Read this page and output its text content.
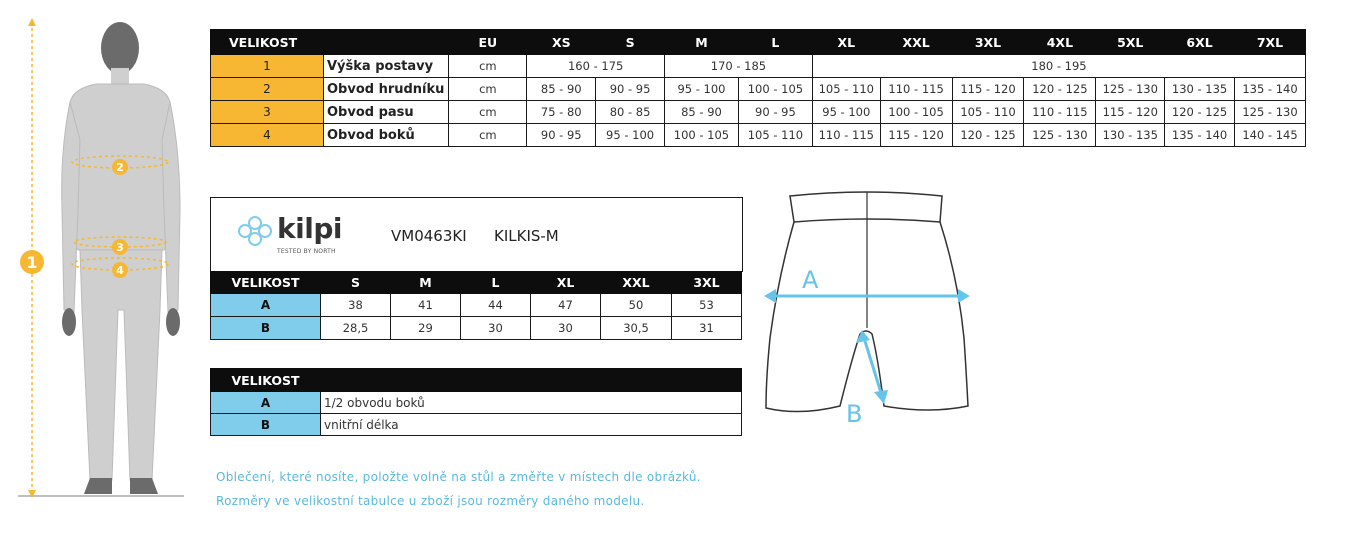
1
2
3
4
VELIKOST		EU	XS	S	M	L	XL	XXL	3XL	4XL	5XL	6XL	7XL
1	Výška postavy	cm	160 - 175		170 - 185		180 - 195						
2	Obvod hrudníku	cm	85 - 90	90 - 95	95 - 100	100 - 105	105 - 110	110 - 115	115 - 120	120 - 125	125 - 130	130 - 135	135 - 140
3	Obvod pasu	cm	75 - 80	80 - 85	85 - 90	90 - 95	95 - 100	100 - 105	105 - 110	110 - 115	115 - 120	120 - 125	125 - 130
4	Obvod boků	cm	90 - 95	95 - 100	100 - 105	105 - 110	110 - 115	115 - 120	120 - 125	125 - 130	130 - 135	135 - 140	140 - 145
kilpi
TESTED BY NORTH
VM0463KI KILKIS-M
VELIKOST	S	M	L	XL	XXL	3XL
A	38	41	44	47	50	53
B	28,5	29	30	30	30,5	31
VELIKOST	
A	1/2 obvodu boků
B	vnitřní délka
A
B
Oblečení, které nosíte, položte volně na stůl a změřte v místech dle obrázků.
Rozměry ve velikostní tabulce u zboží jsou rozměry daného modelu.
